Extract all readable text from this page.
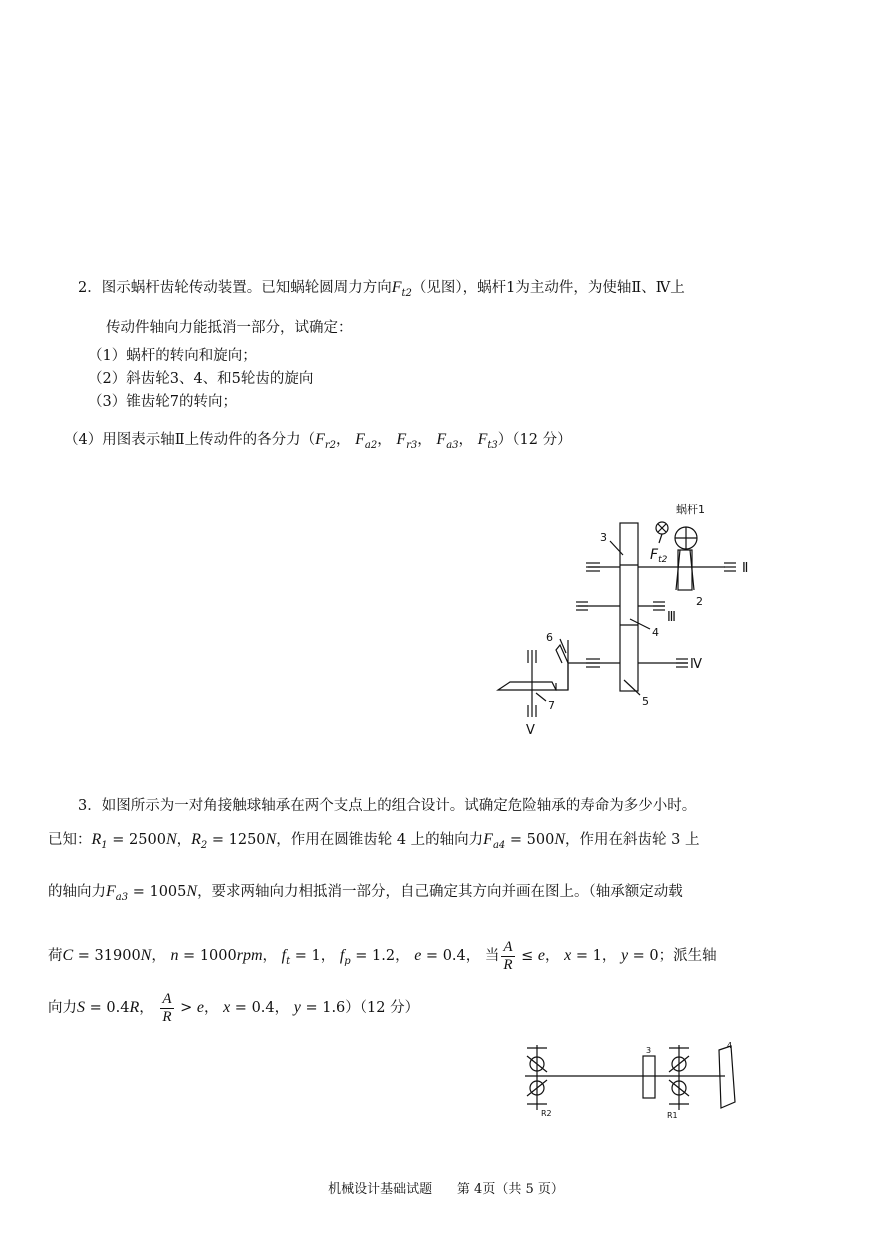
2．图示蜗杆齿轮传动装置。已知蜗轮圆周力方向$F_{t2}$（见图），蜗杆1为主动件，为使轴Ⅱ、Ⅳ上
传动件轴向力能抵消一部分，试确定：
（1）蜗杆的转向和旋向；
（2）斜齿轮3、4、和5轮齿的旋向
（3）锥齿轮7的转向；
（4）用图表示轴Ⅱ上传动件的各分力（$F_{r2}$， $F_{a2}$， $F_{r3}$， $F_{a3}$， $F_{t3})(12$ 分）
蜗杆1
3
$F_{t2}$
2
Ⅱ
Ⅲ
4
6
Ⅳ
7	5
Ⅴ
3．如图所示为一对角接触球轴承在两个支点上的组合设计。试确定危险轴承的寿命为多少小时。
已知：$R_1 = 2500N$，$R_2 = 1250N$，作用在圆锥齿轮 4 上的轴向力$F_{a4} = 500N$，作用在斜齿轮 3 上
的轴向力$F_{a3} = 1005N$，要求两轴向力相抵消一部分，自己确定其方向并画在图上。（轴承额定动载
荷C = 31900N， n = 1000rpm， $f_t = 1$， $f_p = 1.2$， e = 0.4， 当 $\frac{A}{R} \le e$， x = 1， y = 0；派生轴
向力S = 0.4R， $\frac{A}{R} > e$， x = 0.4， y = 1.6）（12 分）
3
4
R2	R1
机械设计基础试题      第 4页（共 5 页）
